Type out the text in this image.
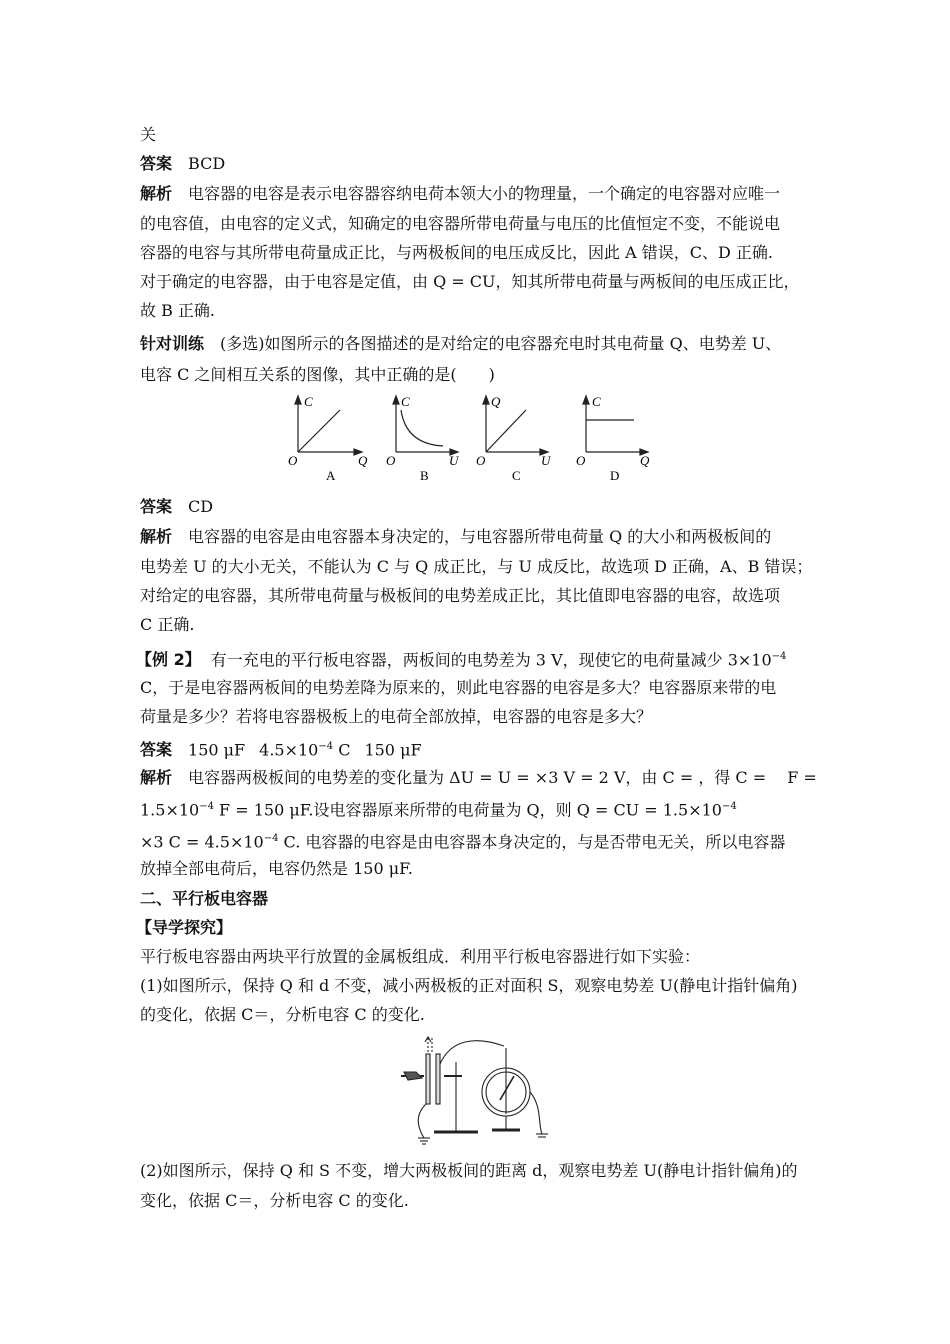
关
答案 BCD
解析 电容器的电容是表示电容器容纳电荷本领大小的物理量，一个确定的电容器对应唯一
的电容值，由电容的定义式，知确定的电容器所带电荷量与电压的比值恒定不变，不能说电
容器的电容与其所带电荷量成正比，与两极板间的电压成反比，因此 A 错误，C、D 正确.
对于确定的电容器，由于电容是定值，由 Q = CU，知其所带电荷量与两板间的电压成正比，
故 B 正确.
针对训练 (多选)如图所示的各图描述的是对给定的电容器充电时其电荷量 Q、电势差 U、
电容 C 之间相互关系的图像，其中正确的是(　　)
C
Q
O
A
C
U
O
B
Q
U
O
C
C
Q
O
D
答案 CD
解析 电容器的电容是由电容器本身决定的，与电容器所带电荷量 Q 的大小和两极板间的
电势差 U 的大小无关，不能认为 C 与 Q 成正比，与 U 成反比，故选项 D 正确，A、B 错误；
对给定的电容器，其所带电荷量与极板间的电势差成正比，其比值即电容器的电容，故选项
C 正确.
【例 2】 有一充电的平行板电容器，两板间的电势差为 3 V，现使它的电荷量减少 $3\times 10^{-4}$
C，于是电容器两板间的电势差降为原来的，则此电容器的电容是多大？电容器原来带的电
荷量是多少？若将电容器极板上的电荷全部放掉，电容器的电容是多大？
答案 150 μF $4.5\times 10^{-4}$ C 150 μF
解析 电容器两极板间的电势差的变化量为 ΔU = U = ×3 V = 2 V，由 C = ，得 C = 　F =
$1.5\times 10^{-4}$ F = 150 μF.设电容器原来所带的电荷量为 Q，则 Q = CU = $1.5\times 10^{-4}$
×3 $C = 4.5\times 10^{-4}$ C. 电容器的电容是由电容器本身决定的，与是否带电无关，所以电容器
放掉全部电荷后，电容仍然是 150 μF.
二、平行板电容器
【导学探究】
平行板电容器由两块平行放置的金属板组成．利用平行板电容器进行如下实验：
(1)如图所示，保持 Q 和 d 不变，减小两极板的正对面积 S，观察电势差 U(静电计指针偏角)
的变化，依据 C＝，分析电容 C 的变化.
(2)如图所示，保持 Q 和 S 不变，增大两极板间的距离 d，观察电势差 U(静电计指针偏角)的
变化，依据 C＝，分析电容 C 的变化.
